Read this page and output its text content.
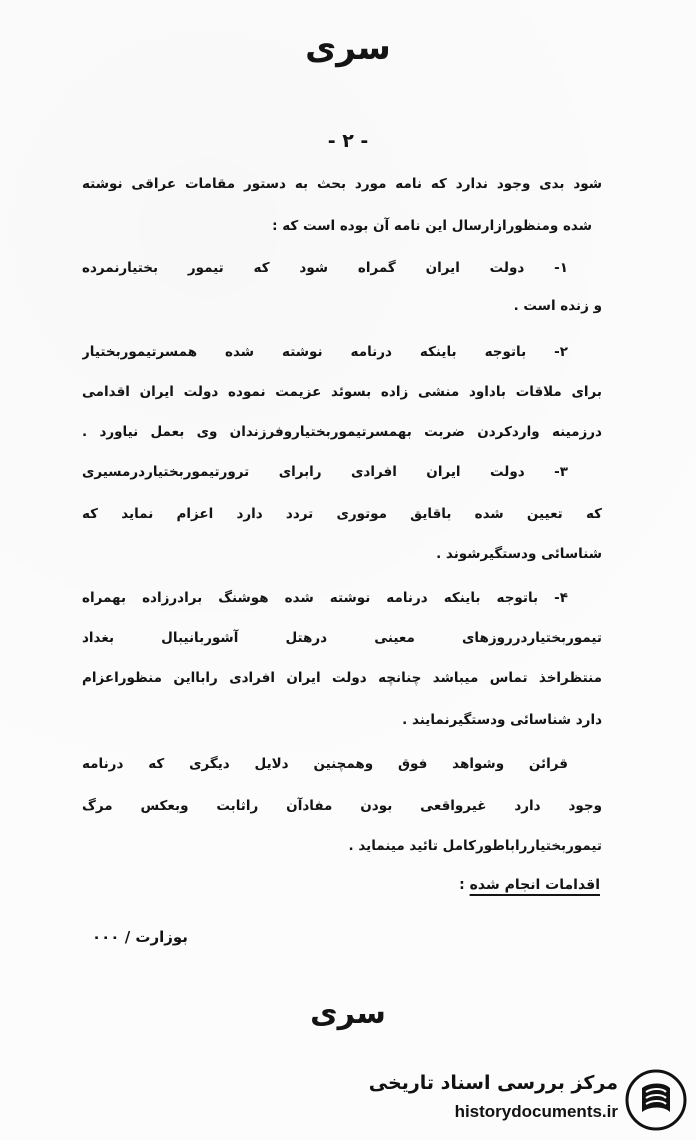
سری
- ۲ -
شود بدی وجود ندارد که نامه مورد بحث به دستور مقامات عراقی نوشته
شده ومنظورازارسال این نامه آن بوده است که :
۱- دولت ایران گمراه شود که تیمور بختیارنمرده
و زنده است .
۲- باتوجه باینکه درنامه نوشته شده همسرتیموربختیار
برای ملاقات باداود منشی زاده بسوئد عزیمت نموده دولت ایران اقدامی
درزمینه واردکردن ضربت بهمسرتیموربختیاروفرزندان وی بعمل نیاورد .
۳- دولت ایران افرادی رابرای ترورتیموربختیاردرمسیری
که تعیین شده باقایق موتوری تردد دارد اعزام نماید که
شناسائی ودستگیرشوند .
۴- باتوجه باینکه درنامه نوشته شده هوشنگ برادرزاده بهمراه
تیموربختیاردرروزهای معینی درهتل آشوربانیبال بغداد
منتظراخذ تماس میباشد چنانچه دولت ایران افرادی رابااین منظوراعزام
دارد شناسائی ودستگیرنمایند .
قرائن وشواهد فوق وهمچنین دلایل دیگری که درنامه
وجود دارد غیرواقعی بودن مفادآن راثابت وبعکس مرگ
تیموربختیارراباطورکامل تائید مینماید .
اقدامات انجام شده :
بوزارت / ۰۰۰
سری
مرکز بررسی اسناد تاریخی
historydocuments.ir
